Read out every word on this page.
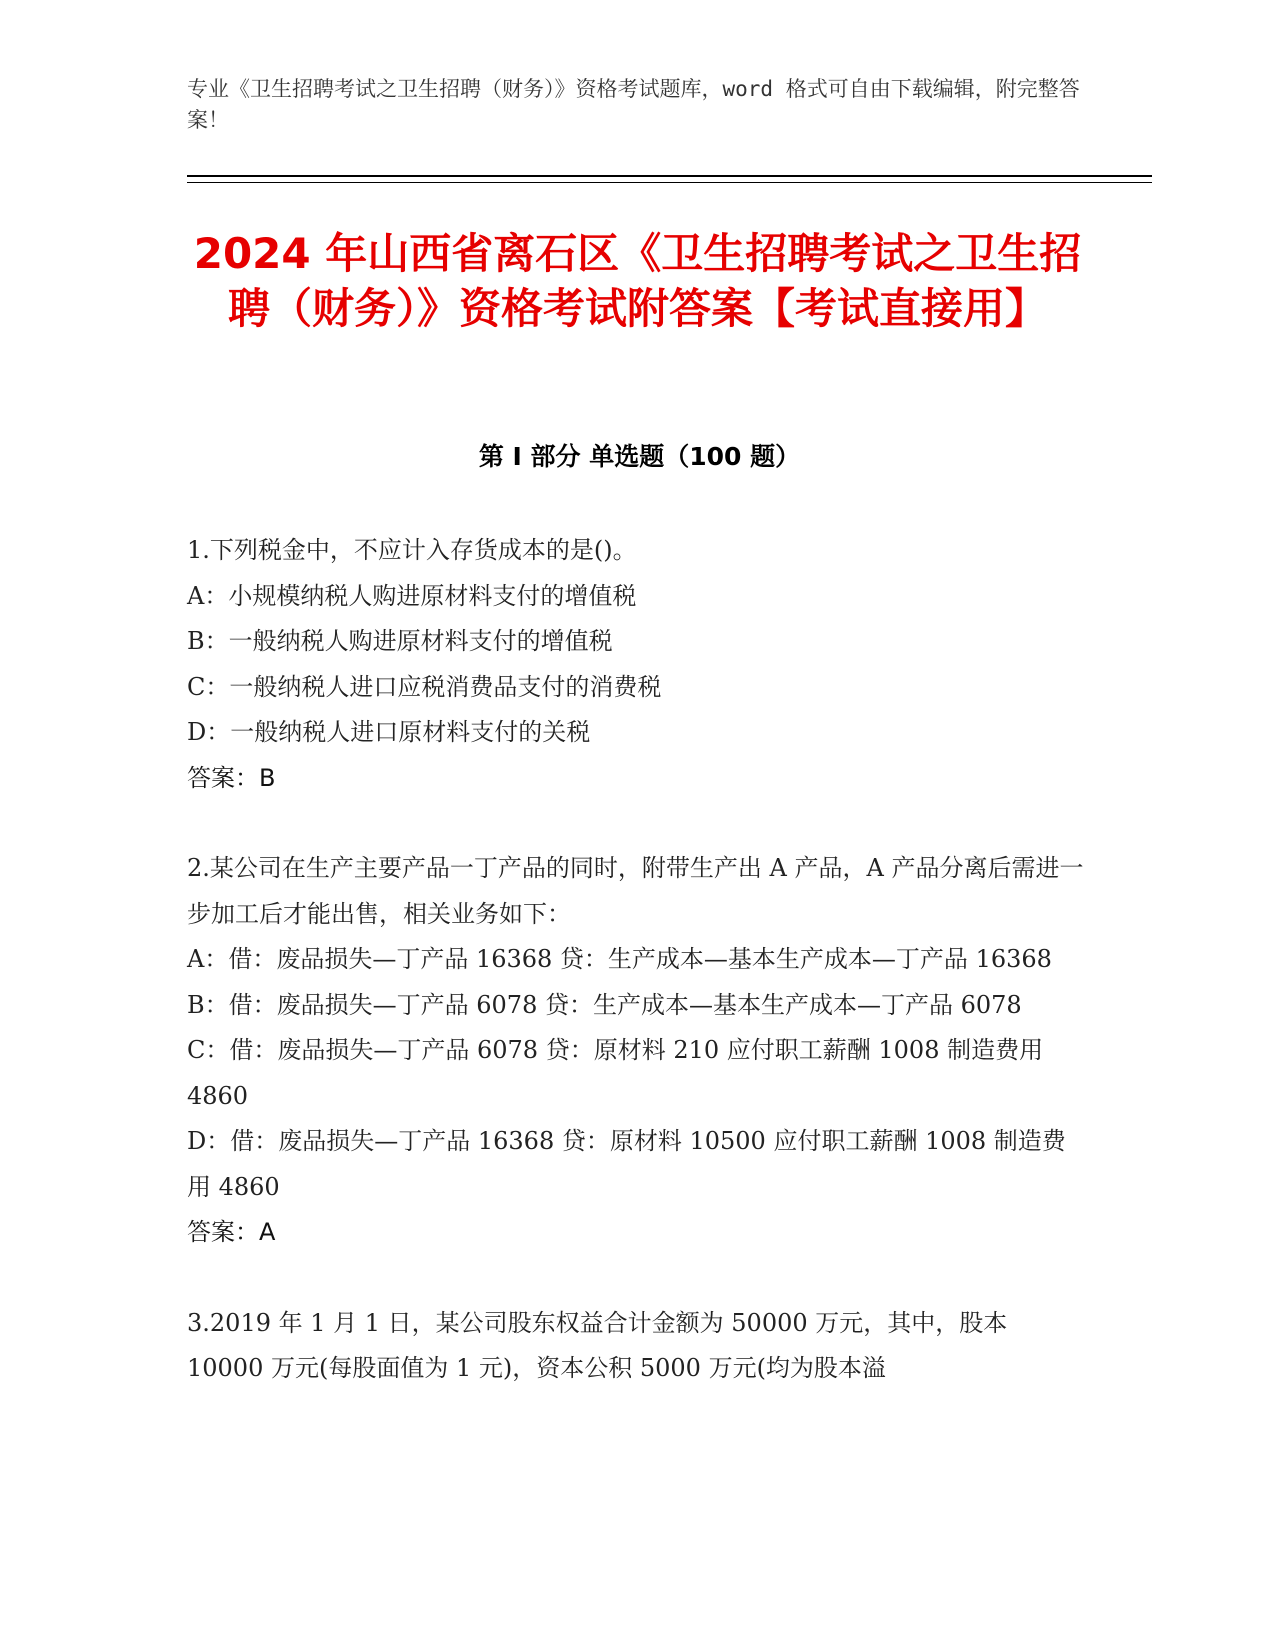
专业《卫生招聘考试之卫生招聘（财务）》资格考试题库，word 格式可自由下载编辑，附完整答案！
2024 年山西省离石区《卫生招聘考试之卫生招聘（财务）》资格考试附答案【考试直接用】
第 I 部分 单选题（100 题）
1.下列税金中，不应计入存货成本的是()。
A：小规模纳税人购进原材料支付的增值税
B：一般纳税人购进原材料支付的增值税
C：一般纳税人进口应税消费品支付的消费税
D：一般纳税人进口原材料支付的关税
答案：B
2.某公司在生产主要产品一丁产品的同时，附带生产出 A 产品，A 产品分离后需进一步加工后才能出售，相关业务如下：
A：借：废品损失—丁产品 16368 贷：生产成本—基本生产成本—丁产品 16368
B：借：废品损失—丁产品 6078 贷：生产成本—基本生产成本—丁产品 6078
C：借：废品损失—丁产品 6078 贷：原材料 210 应付职工薪酬 1008 制造费用 4860
D：借：废品损失—丁产品 16368 贷：原材料 10500 应付职工薪酬 1008 制造费用 4860
答案：A
3.2019 年 1 月 1 日，某公司股东权益合计金额为 50000 万元，其中，股本 10000 万元(每股面值为 1 元)，资本公积 5000 万元(均为股本溢
